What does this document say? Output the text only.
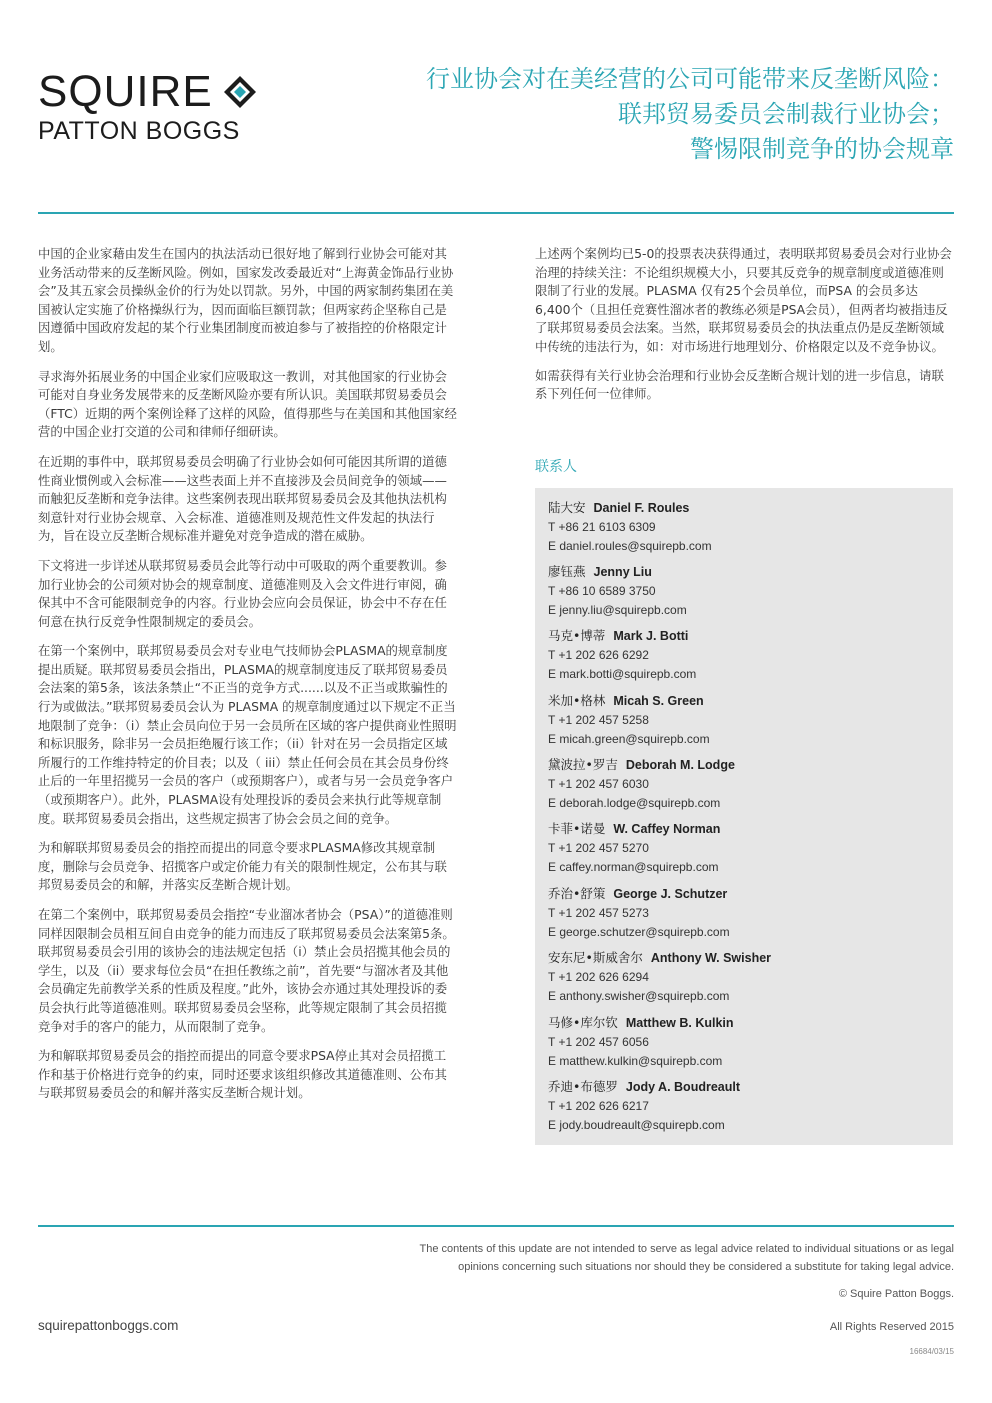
SQUIRE
PATTON BOGGS
行业协会对在美经营的公司可能带来反垄断风险：
联邦贸易委员会制裁行业协会；
警惕限制竞争的协会规章

中国的企业家藉由发生在国内的执法活动已很好地了解到行业协会可能对其业务活动带来的反垄断风险。例如，国家发改委最近对“上海黄金饰品行业协会”及其五家会员操纵金价的行为处以罚款。另外，中国的两家制药集团在美国被认定实施了价格操纵行为，因而面临巨额罚款；但两家药企坚称自己是因遵循中国政府发起的某个行业集团制度而被迫参与了被指控的价格限定计划。

寻求海外拓展业务的中国企业家们应吸取这一教训，对其他国家的行业协会可能对自身业务发展带来的反垄断风险亦要有所认识。美国联邦贸易委员会（FTC）近期的两个案例诠释了这样的风险，值得那些与在美国和其他国家经营的中国企业打交道的公司和律师仔细研读。

在近期的事件中，联邦贸易委员会明确了行业协会如何可能因其所谓的道德性商业惯例或入会标准——这些表面上并不直接涉及会员间竞争的领域——而触犯反垄断和竞争法律。这些案例表现出联邦贸易委员会及其他执法机构刻意针对行业协会规章、入会标准、道德准则及规范性文件发起的执法行为，旨在设立反垄断合规标准并避免对竞争造成的潜在威胁。

下文将进一步详述从联邦贸易委员会此等行动中可吸取的两个重要教训。参加行业协会的公司须对协会的规章制度、道德准则及入会文件进行审阅，确保其中不含可能限制竞争的内容。行业协会应向会员保证，协会中不存在任何意在执行反竞争性限制规定的委员会。

在第一个案例中，联邦贸易委员会对专业电气技师协会PLASMA的规章制度提出质疑。联邦贸易委员会指出，PLASMA的规章制度违反了联邦贸易委员会法案的第5条，该法条禁止“不正当的竞争方式......以及不正当或欺骗性的行为或做法。”联邦贸易委员会认为 PLASMA 的规章制度通过以下规定不正当地限制了竞争：（i）禁止会员向位于另一会员所在区域的客户提供商业性照明和标识服务，除非另一会员拒绝履行该工作；（ii）针对在另一会员指定区域所履行的工作维持特定的价目表；以及（ iii）禁止任何会员在其会员身份终止后的一年里招揽另一会员的客户（或预期客户），或者与另一会员竞争客户（或预期客户）。此外，PLASMA设有处理投诉的委员会来执行此等规章制度。联邦贸易委员会指出，这些规定损害了协会会员之间的竞争。

为和解联邦贸易委员会的指控而提出的同意令要求PLASMA修改其规章制度，删除与会员竞争、招揽客户或定价能力有关的限制性规定，公布其与联邦贸易委员会的和解，并落实反垄断合规计划。

在第二个案例中，联邦贸易委员会指控“专业溜冰者协会（PSA）”的道德准则同样因限制会员相互间自由竞争的能力而违反了联邦贸易委员会法案第5条。联邦贸易委员会引用的该协会的违法规定包括（i）禁止会员招揽其他会员的学生，以及（ii）要求每位会员“在担任教练之前”，首先要“与溜冰者及其他会员确定先前教学关系的性质及程度。”此外，该协会亦通过其处理投诉的委员会执行此等道德准则。联邦贸易委员会坚称，此等规定限制了其会员招揽竞争对手的客户的能力，从而限制了竞争。

为和解联邦贸易委员会的指控而提出的同意令要求PSA停止其对会员招揽工作和基于价格进行竞争的约束，同时还要求该组织修改其道德准则、公布其与联邦贸易委员会的和解并落实反垄断合规计划。

上述两个案例均已5-0的投票表决获得通过，表明联邦贸易委员会对行业协会治理的持续关注：不论组织规模大小，只要其反竞争的规章制度或道德准则限制了行业的发展。PLASMA 仅有25个会员单位，而PSA 的会员多达 6,400个（且担任竞赛性溜冰者的教练必须是PSA会员），但两者均被指违反了联邦贸易委员会法案。当然，联邦贸易委员会的执法重点仍是反垄断领域中传统的违法行为，如：对市场进行地理划分、价格限定以及不竞争协议。

如需获得有关行业协会治理和行业协会反垄断合规计划的进一步信息，请联系下列任何一位律师。

联系人
陆大安 Daniel F. Roules
T +86 21 6103 6309
E daniel.roules@squirepb.com
廖钰燕 Jenny Liu
T +86 10 6589 3750
E jenny.liu@squirepb.com
马克•博蒂 Mark J. Botti
T +1 202 626 6292
E mark.botti@squirepb.com
米加•格林 Micah S. Green
T +1 202 457 5258
E micah.green@squirepb.com
黛波拉•罗吉 Deborah M. Lodge
T +1 202 457 6030
E deborah.lodge@squirepb.com
卡菲•诺曼 W. Caffey Norman
T +1 202 457 5270
E caffey.norman@squirepb.com
乔治•舒策 George J. Schutzer
T +1 202 457 5273
E george.schutzer@squirepb.com
安东尼•斯威舍尔 Anthony W. Swisher
T +1 202 626 6294
E anthony.swisher@squirepb.com
马修•库尔钦 Matthew B. Kulkin
T +1 202 457 6056
E matthew.kulkin@squirepb.com
乔迪•布德罗 Jody A. Boudreault
T +1 202 626 6217
E jody.boudreault@squirepb.com
The contents of this update are not intended to serve as legal advice related to individual situations or as legal opinions concerning such situations nor should they be considered a substitute for taking legal advice.
© Squire Patton Boggs.
squirepattonboggs.com	All Rights Reserved 2015
16684/03/15
